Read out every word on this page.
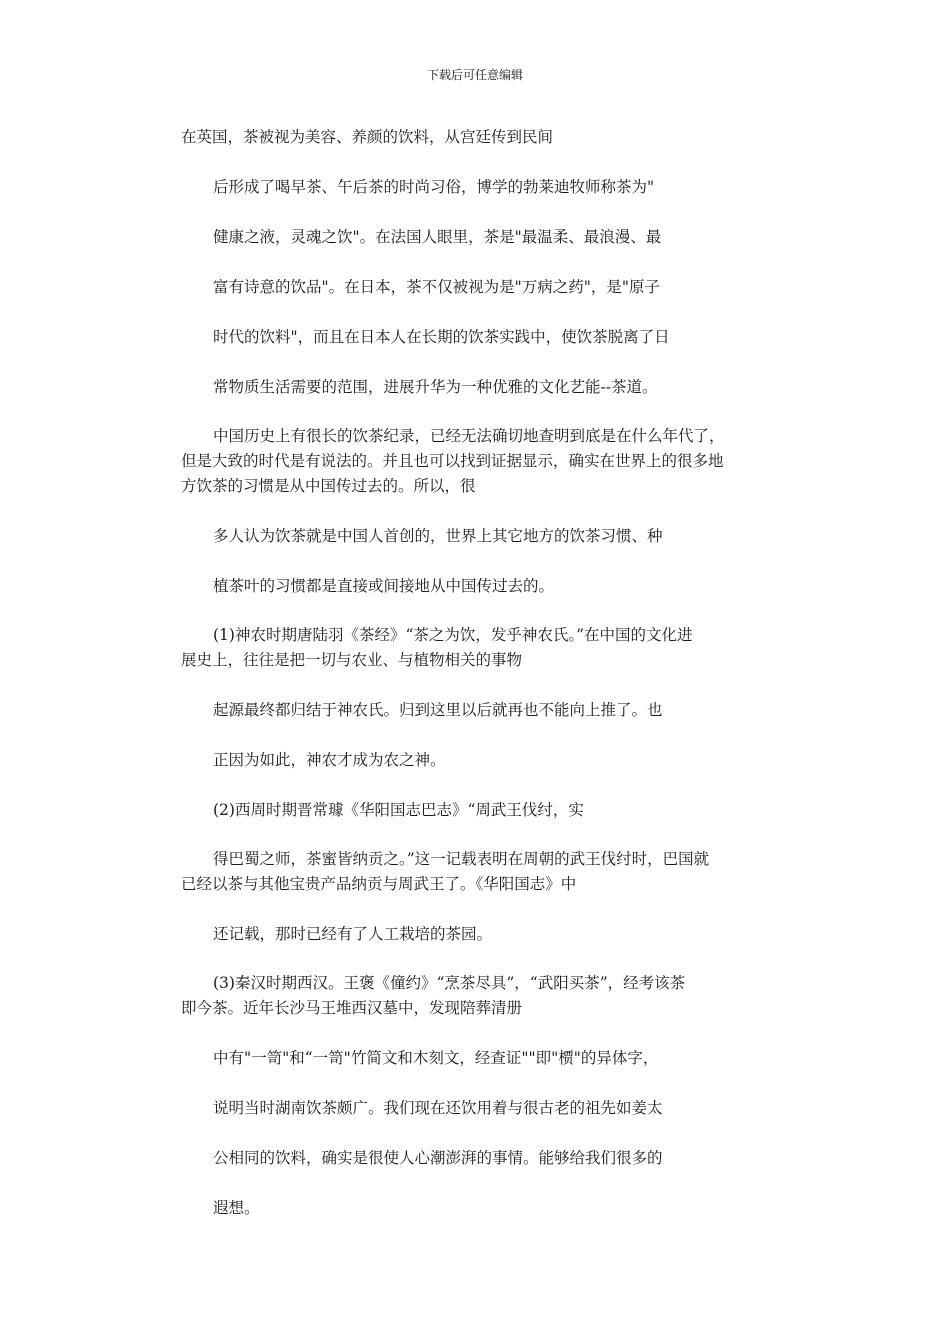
下载后可任意编辑
在英国，茶被视为美容、养颜的饮料，从宫廷传到民间
后形成了喝早茶、午后茶的时尚习俗，博学的勃莱迪牧师称茶为"
健康之液，灵魂之饮"。在法国人眼里，茶是"最温柔、最浪漫、最
富有诗意的饮品"。在日本，茶不仅被视为是"万病之药"，是"原子
时代的饮料"，而且在日本人在长期的饮茶实践中，使饮茶脱离了日
常物质生活需要的范围，进展升华为一种优雅的文化艺能--茶道。
中国历史上有很长的饮茶纪录，已经无法确切地查明到底是在什么年代了，
但是大致的时代是有说法的。并且也可以找到证据显示，确实在世界上的很多地
方饮茶的习惯是从中国传过去的。所以，很
多人认为饮茶就是中国人首创的，世界上其它地方的饮茶习惯、种
植茶叶的习惯都是直接或间接地从中国传过去的。
(1)神农时期唐陆羽《茶经》“茶之为饮，发乎神农氏。”在中国的文化进
展史上，往往是把一切与农业、与植物相关的事物
起源最终都归结于神农氏。归到这里以后就再也不能向上推了。也
正因为如此，神农才成为农之神。
(2)西周时期晋常璩《华阳国志巴志》“周武王伐纣，实
得巴蜀之师，茶蜜皆纳贡之。”这一记载表明在周朝的武王伐纣时，巴国就
已经以茶与其他宝贵产品纳贡与周武王了。《华阳国志》中
还记载，那时已经有了人工栽培的茶园。
(3)秦汉时期西汉。王褒《僮约》“烹茶尽具”，“武阳买茶”，经考该茶
即今茶。近年长沙马王堆西汉墓中，发现陪葬清册
中有"一笥"和“一笥"竹简文和木刻文，经查证""即"槚"的异体字，
说明当时湖南饮茶颇广。我们现在还饮用着与很古老的祖先如姜太
公相同的饮料，确实是很使人心潮澎湃的事情。能够给我们很多的
遐想。
